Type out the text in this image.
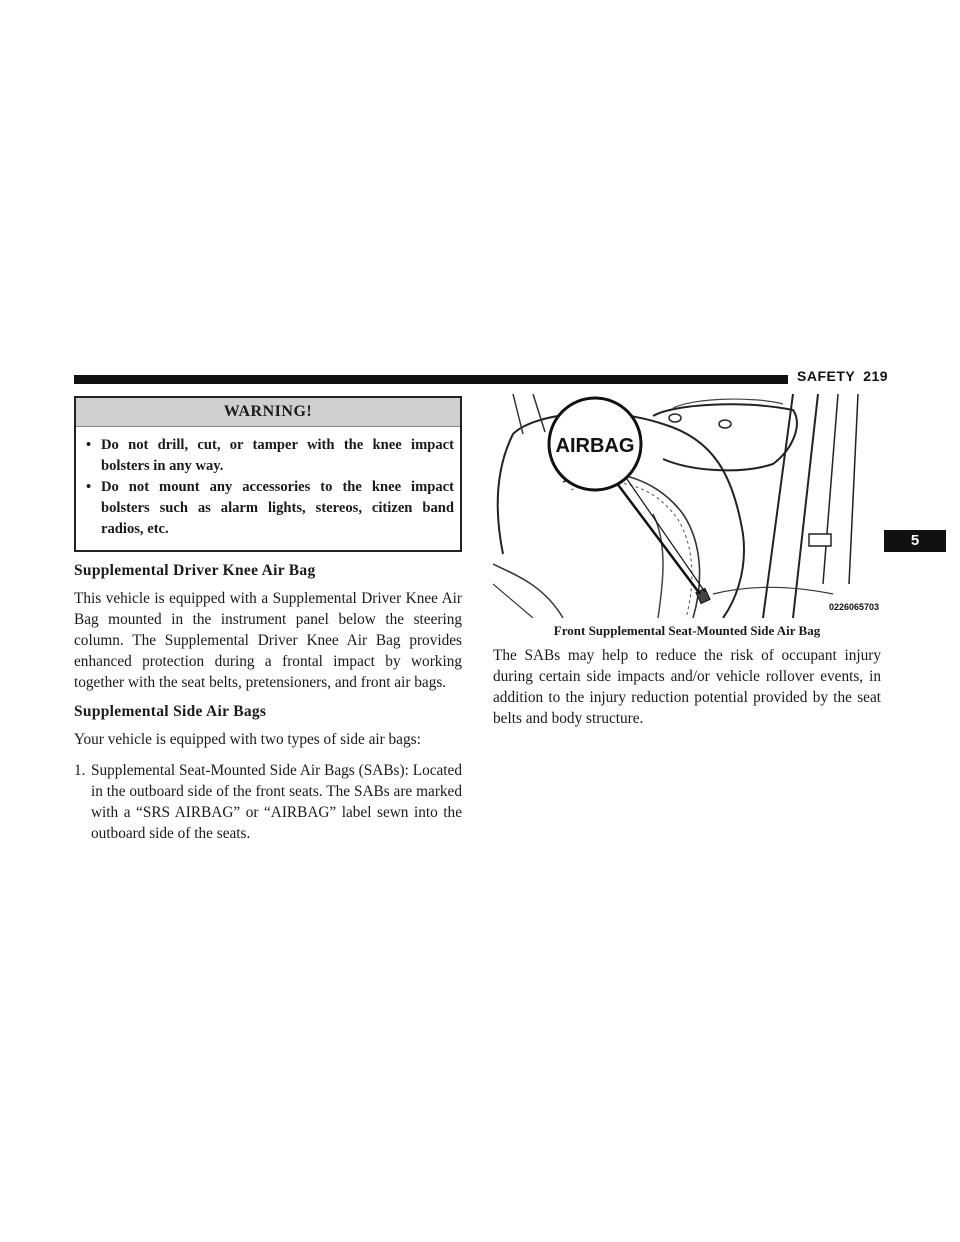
SAFETY 219
5
WARNING!
• Do not drill, cut, or tamper with the knee impact bolsters in any way.
• Do not mount any accessories to the knee impact bolsters such as alarm lights, stereos, citizen band radios, etc.
Supplemental Driver Knee Air Bag

This vehicle is equipped with a Supplemental Driver Knee Air Bag mounted in the instrument panel below the steering column. The Supplemental Driver Knee Air Bag provides enhanced protection during a frontal impact by working together with the seat belts, pretensioners, and front air bags.

Supplemental Side Air Bags

Your vehicle is equipped with two types of side air bags:

1. Supplemental Seat-Mounted Side Air Bags (SABs): Located in the outboard side of the front seats. The SABs are marked with a “SRS AIRBAG” or “AIRBAG” label sewn into the outboard side of the seats.
AIRBAG
0226065703
Front Supplemental Seat-Mounted Side Air Bag

The SABs may help to reduce the risk of occupant injury during certain side impacts and/or vehicle rollover events, in addition to the injury reduction potential provided by the seat belts and body structure.
